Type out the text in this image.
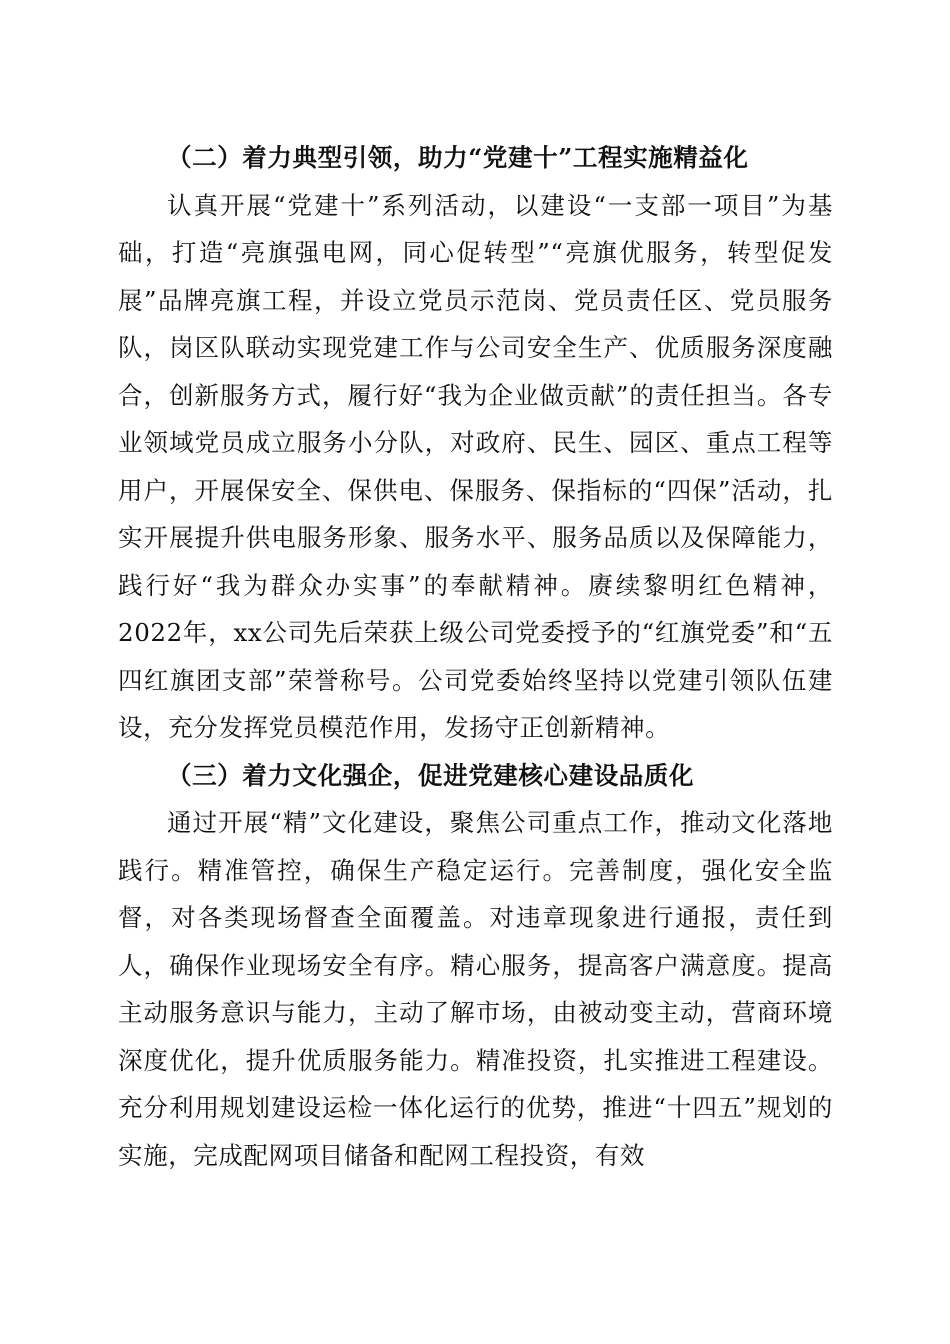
（二）着力典型引领，助力“党建十”工程实施精益化

认真开展“党建十”系列活动，以建设“一支部一项目”为基础，打造“亮旗强电网，同心促转型”“亮旗优服务，转型促发展”品牌亮旗工程，并设立党员示范岗、党员责任区、党员服务队，岗区队联动实现党建工作与公司安全生产、优质服务深度融合，创新服务方式，履行好“我为企业做贡献”的责任担当。各专业领域党员成立服务小分队，对政府、民生、园区、重点工程等用户，开展保安全、保供电、保服务、保指标的“四保”活动，扎实开展提升供电服务形象、服务水平、服务品质以及保障能力，践行好“我为群众办实事”的奉献精神。赓续黎明红色精神，2022年，xx公司先后荣获上级公司党委授予的“红旗党委”和“五四红旗团支部”荣誉称号。公司党委始终坚持以党建引领队伍建设，充分发挥党员模范作用，发扬守正创新精神。

（三）着力文化强企，促进党建核心建设品质化

通过开展“精”文化建设，聚焦公司重点工作，推动文化落地践行。精准管控，确保生产稳定运行。完善制度，强化安全监督，对各类现场督查全面覆盖。对违章现象进行通报，责任到人，确保作业现场安全有序。精心服务，提高客户满意度。提高主动服务意识与能力，主动了解市场，由被动变主动，营商环境深度优化，提升优质服务能力。精准投资，扎实推进工程建设。充分利用规划建设运检一体化运行的优势，推进“十四五”规划的实施，完成配网项目储备和配网工程投资，有效
